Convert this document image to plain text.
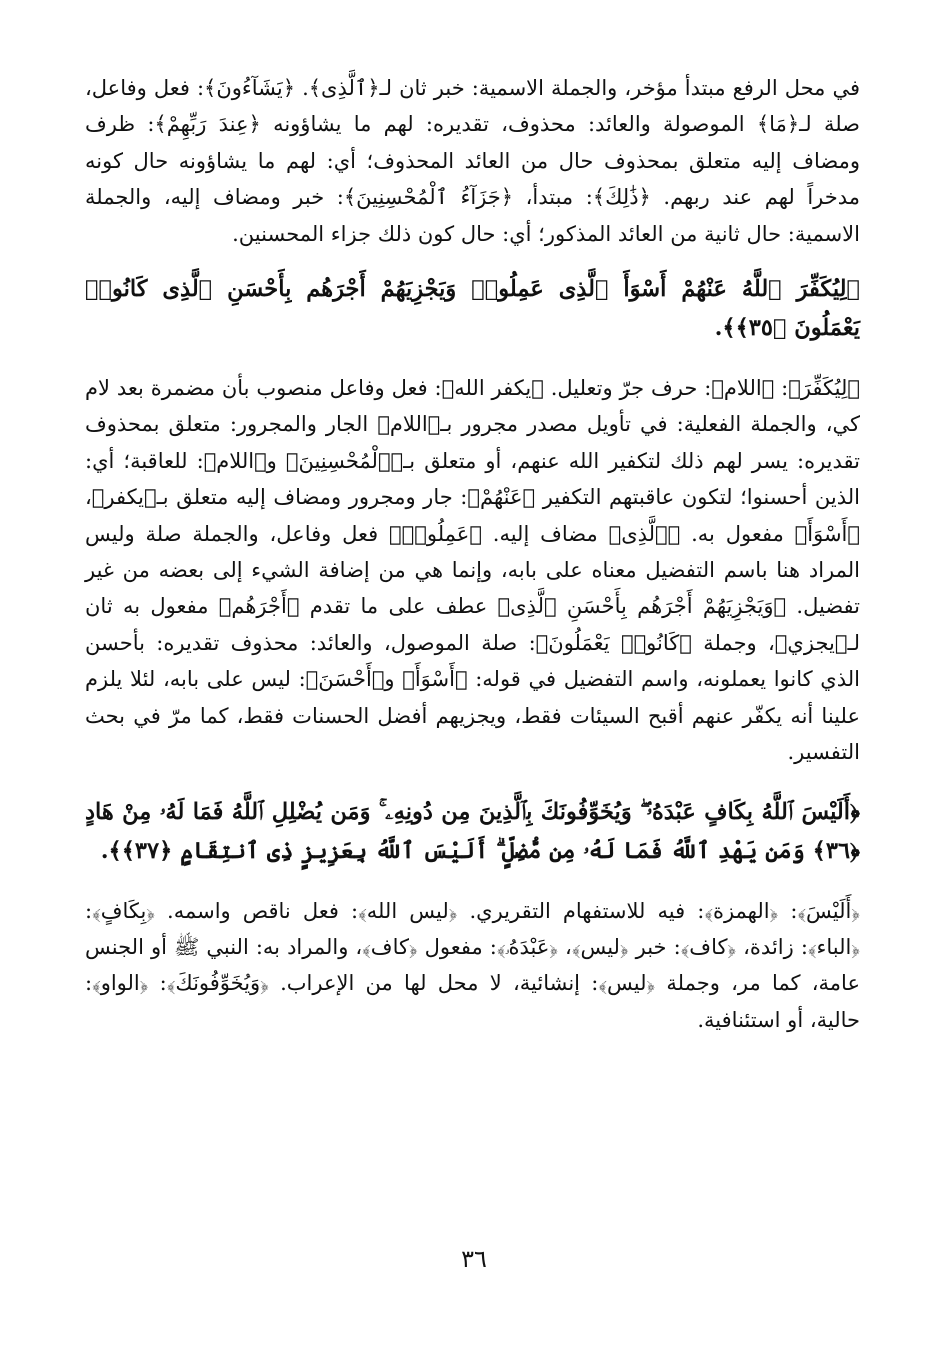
في محل الرفع مبتدأ مؤخر، والجملة الاسمية: خبر ثان لـ﴿ٱلَّذِى﴾. ﴿يَشَآءُونَ﴾: فعل وفاعل، صلة لـ﴿مَا﴾ الموصولة والعائد: محذوف، تقديره: لهم ما يشاؤونه ﴿عِندَ رَبِّهِمْ﴾: ظرف ومضاف إليه متعلق بمحذوف حال من العائد المحذوف؛ أي: لهم ما يشاؤونه حال كونه مدخراً لهم عند ربهم. ﴿ذَٰلِكَ﴾: مبتدأ، ﴿جَزَآءُ ٱلْمُحْسِنِينَ﴾: خبر ومضاف إليه، والجملة الاسمية: حال ثانية من العائد المذكور؛ أي: حال كون ذلك جزاء المحسنين.

﴿لِيُكَفِّرَ ٱللَّهُ عَنْهُمْ أَسْوَأَ ٱلَّذِى عَمِلُوا۟ وَيَجْزِيَهُمْ أَجْرَهُم بِأَحْسَنِ ٱلَّذِى كَانُوا۟ يَعْمَلُونَ ﴿٣٥﴾﴾.

﴿لِيُكَفِّرَ﴾: ﴿اللام﴾: حرف جرّ وتعليل. ﴿يكفر الله﴾: فعل وفاعل منصوب بأن مضمرة بعد لام كي، والجملة الفعلية: في تأويل مصدر مجرور بـ﴿اللام﴾ الجار والمجرور: متعلق بمحذوف تقديره: يسر لهم ذلك لتكفير الله عنهم، أو متعلق بـ﴿ٱلْمُحْسِنِينَ﴾ و﴿اللام﴾: للعاقبة؛ أي: الذين أحسنوا؛ لتكون عاقبتهم التكفير ﴿عَنْهُمْ﴾: جار ومجرور ومضاف إليه متعلق بـ﴿يكفر﴾، ﴿أَسْوَأَ﴾ مفعول به. ﴿ٱلَّذِى﴾ مضاف إليه. ﴿عَمِلُوا۟﴾ فعل وفاعل، والجملة صلة وليس المراد هنا باسم التفضيل معناه على بابه، وإنما هي من إضافة الشيء إلى بعضه من غير تفضيل. ﴿وَيَجْزِيَهُمْ أَجْرَهُم بِأَحْسَنِ ٱلَّذِى﴾ عطف على ما تقدم ﴿أَجْرَهُم﴾ مفعول به ثان لـ﴿يجزي﴾، وجملة ﴿كَانُوا۟ يَعْمَلُونَ﴾: صلة الموصول، والعائد: محذوف تقديره: بأحسن الذي كانوا يعملونه، واسم التفضيل في قوله: ﴿أَسْوَأَ﴾ و﴿أَحْسَنَ﴾: ليس على بابه، لئلا يلزم علينا أنه يكفّر عنهم أقبح السيئات فقط، ويجزيهم أفضل الحسنات فقط، كما مرّ في بحث التفسير.

﴿أَلَيْسَ ٱللَّهُ بِكَافٍ عَبْدَهُۥ ۖ وَيُخَوِّفُونَكَ بِٱلَّذِينَ مِن دُونِهِۦ ۚ وَمَن يُضْلِلِ ٱللَّهُ فَمَا لَهُۥ مِنْ هَادٍ ﴿٣٦﴾ وَمَن يَهْدِ ٱللَّهُ فَمَا لَهُۥ مِن مُّضِلٍّ ۗ أَلَيْسَ ٱللَّهُ بِعَزِيزٍ ذِى ٱنتِقَامٍ ﴿٣٧﴾﴾.

﴿أَلَيْسَ﴾: ﴿الهمزة﴾: فيه للاستفهام التقريري. ﴿ليس الله﴾: فعل ناقص واسمه. ﴿بِكَافٍ﴾: ﴿الباء﴾: زائدة، ﴿كاف﴾: خبر ﴿ليس﴾، ﴿عَبْدَهُۥ﴾: مفعول ﴿كاف﴾، والمراد به: النبي ﷺ أو الجنس عامة، كما مر، وجملة ﴿ليس﴾: إنشائية، لا محل لها من الإعراب. ﴿وَيُخَوِّفُونَكَ﴾: ﴿الواو﴾: حالية، أو استئنافية.

٣٦
